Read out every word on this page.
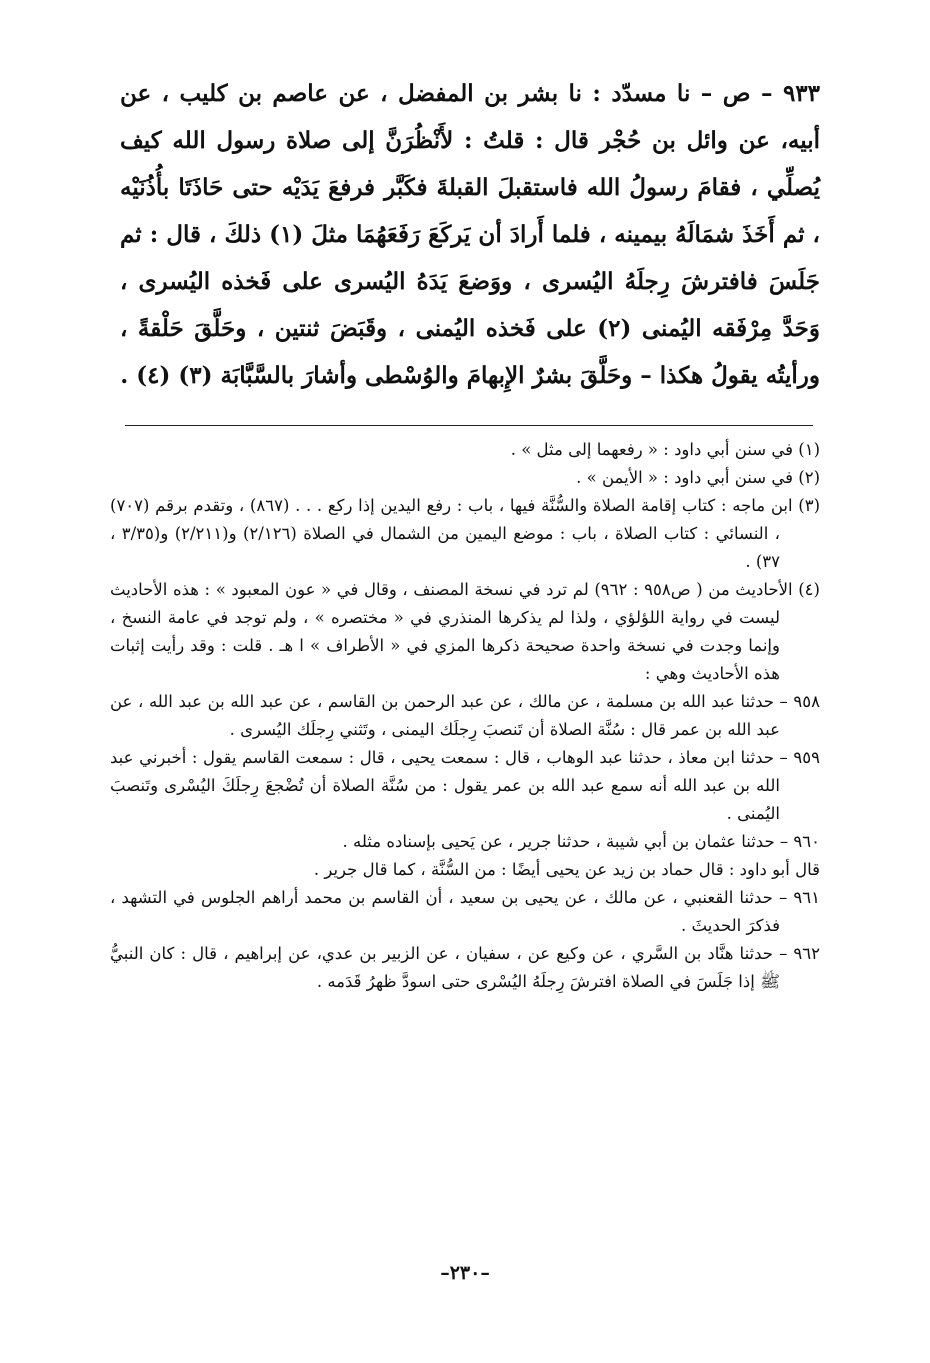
٩٣٣ – ص – نا مسدّد : نا بشر بن المفضل ، عن عاصم بن كليب ، عن أبيه، عن وائل بن حُجْر قال : قلتُ : لأَنْظُرَنَّ إلى صلاة رسول الله كيف يُصلِّي ، فقامَ رسولُ الله فاستقبلَ القبلةَ فكَبَّر فرفعَ يَدَيْه حتى حَاذَتَا بأُذُنَيْه ، ثم أَخَذَ شمَالَهُ بيمينه ، فلما أَرادَ أن يَركَعَ رَفَعَهُمَا مثلَ (١) ذلكَ ، قال : ثم جَلَسَ فافترشَ رِجلَهُ اليُسرى ، ووَضعَ يَدَهُ اليُسرى على فَخذه اليُسرى ، وَحَدَّ مِرْفَقه اليُمنى (٢) على فَخذه اليُمنى ، وقَبَضَ ثنتين ، وحَلَّقَ حَلْقةً ، ورأيتُه يقولُ هكذا – وحَلَّقَ بشرٌ الإِبهامَ والوُسْطى وأشارَ بالسَّبَّابَة (٣) (٤) .

(١) في سنن أبي داود : « رفعهما إلى مثل » .

(٢) في سنن أبي داود : « الأيمن » .

(٣) ابن ماجه : كتاب إقامة الصلاة والسُّنَّة فيها ، باب : رفع اليدين إذا ركع . . . (٨٦٧) ، وتقدم برقم (٧٠٧) ، النسائي : كتاب الصلاة ، باب : موضع اليمين من الشمال في الصلاة (٢/١٢٦) و(٢/٢١١) و(٣/٣٥ ، ٣٧) .

(٤) الأحاديث من ( ص٩٥٨ : ٩٦٢) لم ترد في نسخة المصنف ، وقال في « عون المعبود » : هذه الأحاديث ليست في رواية اللؤلؤي ، ولذا لم يذكرها المنذري في « مختصره » ، ولم توجد في عامة النسخ ، وإنما وجدت في نسخة واحدة صحيحة ذكرها المزي في « الأطراف » ا هـ . قلت : وقد رأيت إثبات هذه الأحاديث وهي :

٩٥٨ – حدثنا عبد الله بن مسلمة ، عن مالك ، عن عبد الرحمن بن القاسم ، عن عبد الله بن عبد الله ، عن عبد الله بن عمر قال : سُنَّة الصلاة أن تَنصبَ رِجلَك اليمنى ، وتَثني رِجلَك اليُسرى .

٩٥٩ – حدثنا ابن معاذ ، حدثنا عبد الوهاب ، قال : سمعت يحيى ، قال : سمعت القاسم يقول : أخبرني عبد الله بن عبد الله أنه سمع عبد الله بن عمر يقول : من سُنَّة الصلاة أن تُضْجعَ رِجلَكَ اليُسْرى وتَنصبَ اليُمنى .

٩٦٠ – حدثنا عثمان بن أبي شيبة ، حدثنا جرير ، عن يَحيى بإسناده مثله .

قال أبو داود : قال حماد بن زيد عن يحيى أيضًا : من السُّنَّة ، كما قال جرير .

٩٦١ – حدثنا القعنبي ، عن مالك ، عن يحيى بن سعيد ، أن القاسم بن محمد أراهم الجلوس في التشهد ، فذكرَ الحديثَ .

٩٦٢ – حدثنا هنَّاد بن السَّري ، عن وكيع عن ، سفيان ، عن الزبير بن عدي، عن إبراهيم ، قال : كان النبيُّ ﷺ إذا جَلَسَ في الصلاة افترشَ رِجلَهُ اليُسْرى حتى اسودَّ ظهرُ قَدَمه .

–٢٣٠–
